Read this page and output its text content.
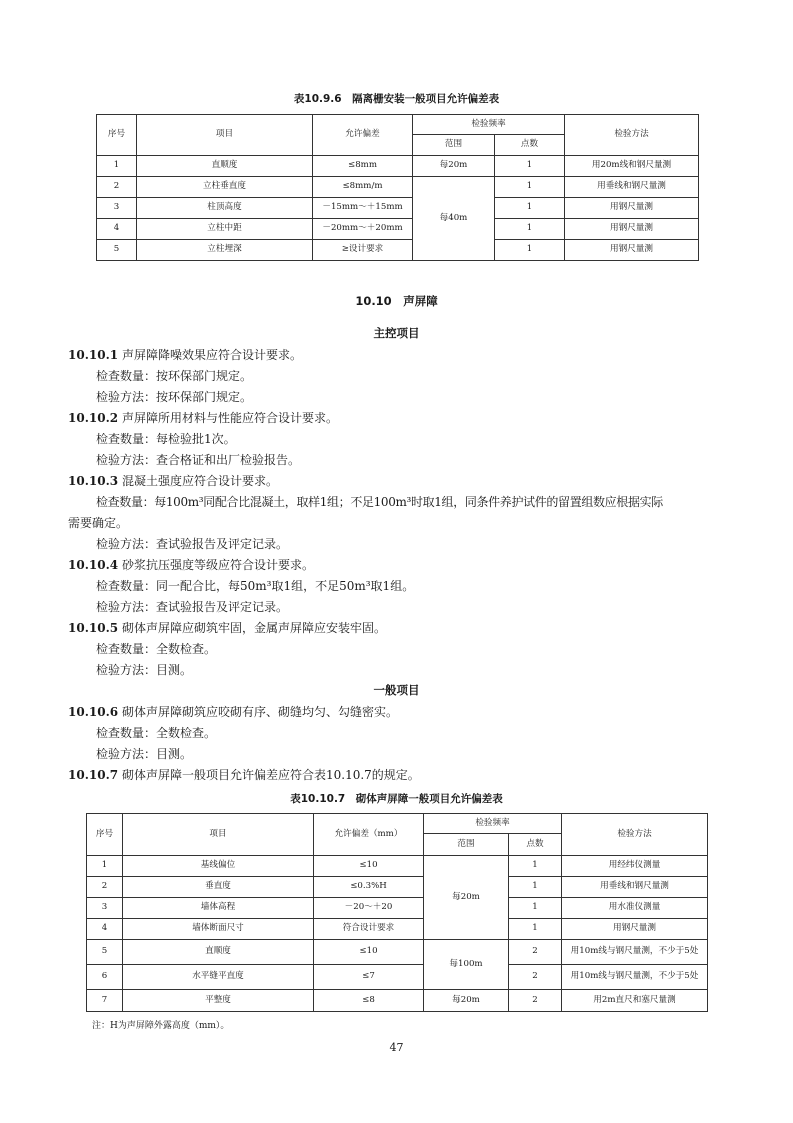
表10.9.6　隔离栅安装一般项目允许偏差表
序号	项目	允许偏差	检验频率		检验方法
			范围	点数	
1	直顺度	≤8mm	每20m	1	用20m线和钢尺量测
2	立柱垂直度	≤8mm/m	每40m	1	用垂线和钢尺量测
3	柱顶高度	－15mm～＋15mm		1	用钢尺量测
4	立柱中距	－20mm～＋20mm		1	用钢尺量测
5	立柱埋深	≥设计要求		1	用钢尺量测
10.10　声屏障
主控项目
10.10.1 声屏障降噪效果应符合设计要求。
检查数量：按环保部门规定。
检验方法：按环保部门规定。
10.10.2 声屏障所用材料与性能应符合设计要求。
检查数量：每检验批1次。
检验方法：查合格证和出厂检验报告。
10.10.3 混凝土强度应符合设计要求。
检查数量：每100m³同配合比混凝土，取样1组；不足100m³时取1组，同条件养护试件的留置组数应根据实际
需要确定。
检验方法：查试验报告及评定记录。
10.10.4 砂浆抗压强度等级应符合设计要求。
检查数量：同一配合比，每50m³取1组，不足50m³取1组。
检验方法：查试验报告及评定记录。
10.10.5 砌体声屏障应砌筑牢固，金属声屏障应安装牢固。
检查数量：全数检查。
检验方法：目测。
一般项目
10.10.6 砌体声屏障砌筑应咬砌有序、砌缝均匀、勾缝密实。
检查数量：全数检查。
检验方法：目测。
10.10.7 砌体声屏障一般项目允许偏差应符合表10.10.7的规定。
表10.10.7　砌体声屏障一般项目允许偏差表
序号	项目	允许偏差（mm）	检验频率		检验方法
			范围	点数	
1	基线偏位	≤10	每20m	1	用经纬仪测量
2	垂直度	≤0.3%H		1	用垂线和钢尺量测
3	墙体高程	－20～＋20		1	用水准仪测量
4	墙体断面尺寸	符合设计要求		1	用钢尺量测
5	直顺度	≤10	每100m	2	用10m线与钢尺量测，不少于5处
6	水平缝平直度	≤7		2	用10m线与钢尺量测，不少于5处
7	平整度	≤8	每20m	2	用2m直尺和塞尺量测
注：H为声屏障外露高度（mm）。
47
